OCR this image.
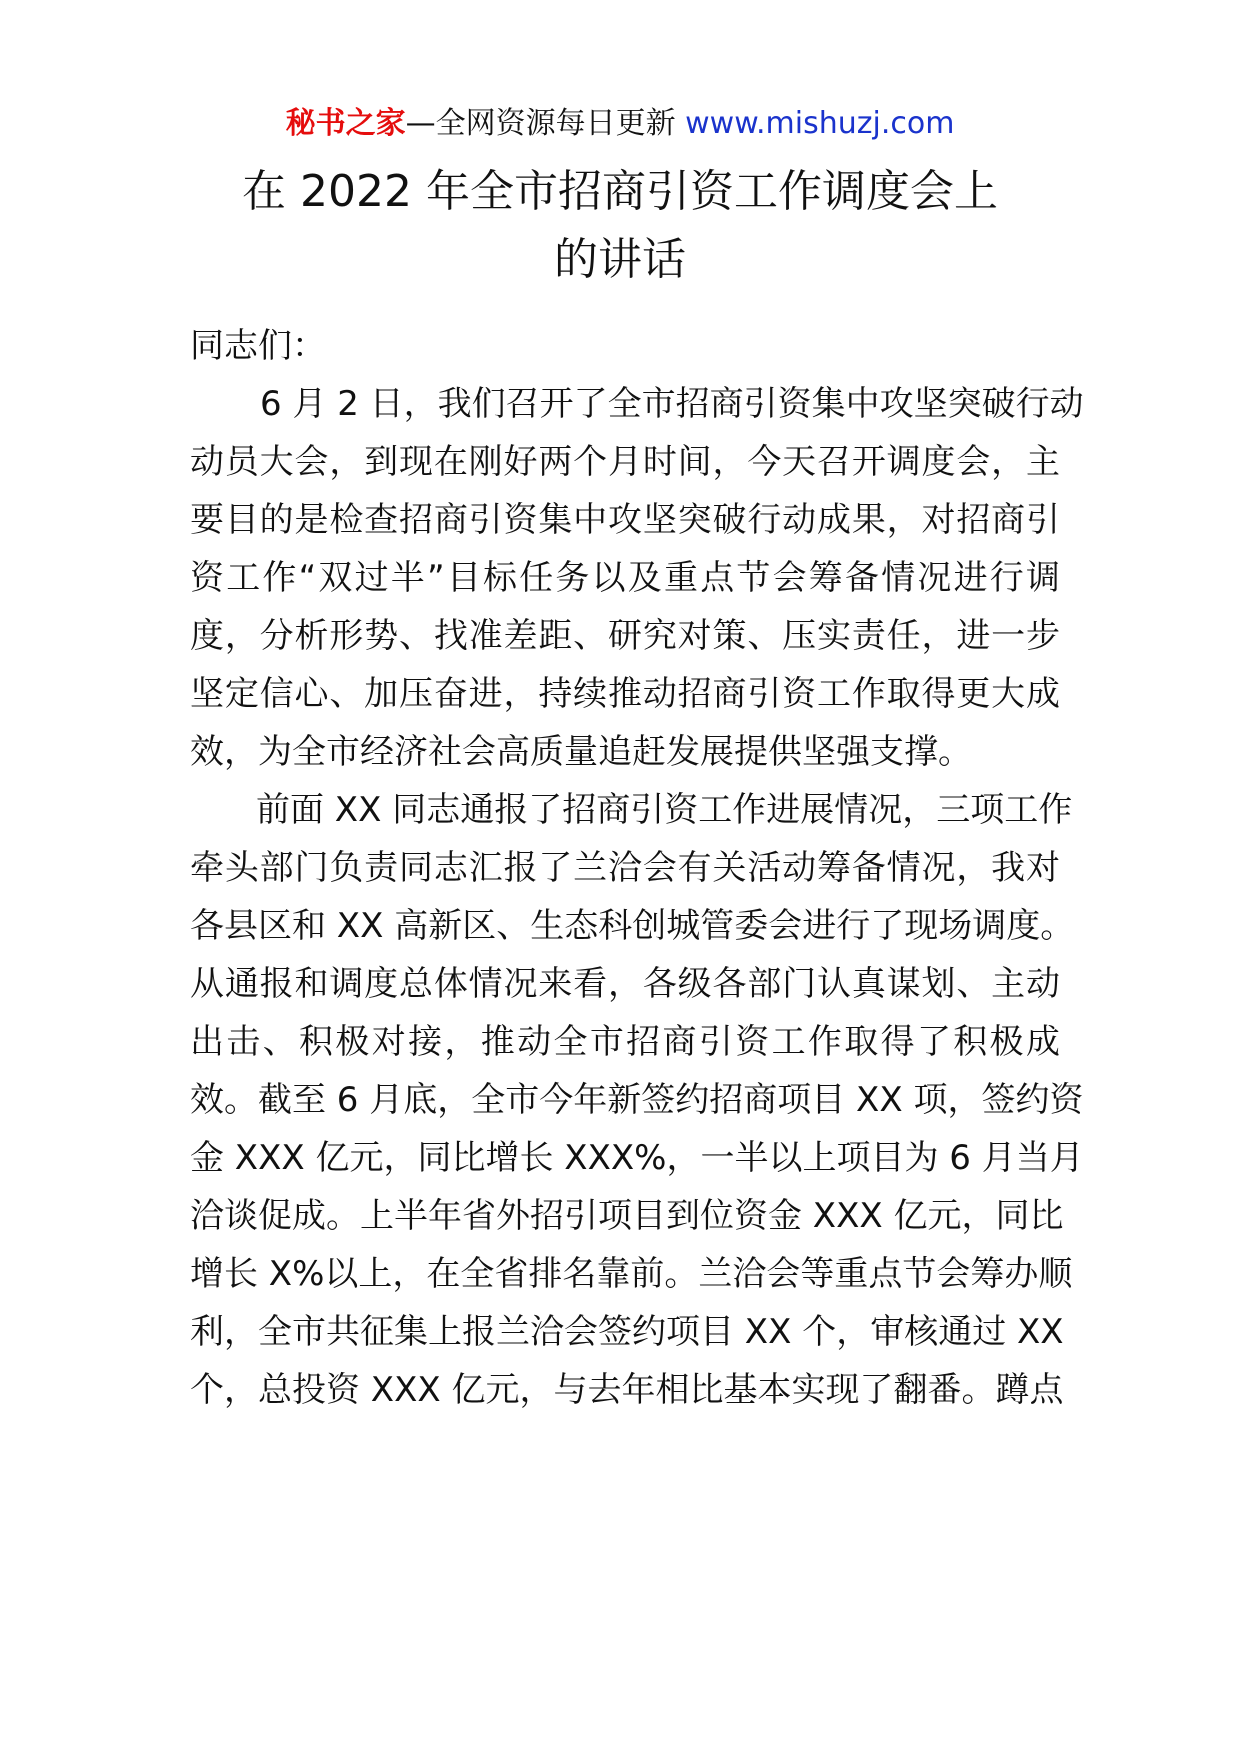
秘书之家—全网资源每日更新 www.mishuzj.com
在 2022 年全市招商引资工作调度会上
的讲话
同志们：
　6 月 2 日，我们召开了全市招商引资集中攻坚突破行动
动员大会，到现在刚好两个月时间，今天召开调度会，主
要目的是检查招商引资集中攻坚突破行动成果，对招商引
资工作“双过半”目标任务以及重点节会筹备情况进行调
度，分析形势、找准差距、研究对策、压实责任，进一步
坚定信心、加压奋进，持续推动招商引资工作取得更大成
效，为全市经济社会高质量追赶发展提供坚强支撑。
前面 XX 同志通报了招商引资工作进展情况，三项工作
牵头部门负责同志汇报了兰洽会有关活动筹备情况，我对
各县区和 XX 高新区、生态科创城管委会进行了现场调度。
从通报和调度总体情况来看，各级各部门认真谋划、主动
出击、积极对接，推动全市招商引资工作取得了积极成
效。截至 6 月底，全市今年新签约招商项目 XX 项，签约资
金 XXX 亿元，同比增长 XXX%，一半以上项目为 6 月当月
洽谈促成。上半年省外招引项目到位资金 XXX 亿元，同比
增长 X%以上，在全省排名靠前。兰洽会等重点节会筹办顺
利，全市共征集上报兰洽会签约项目 XX 个，审核通过 XX
个，总投资 XXX 亿元，与去年相比基本实现了翻番。蹲点
